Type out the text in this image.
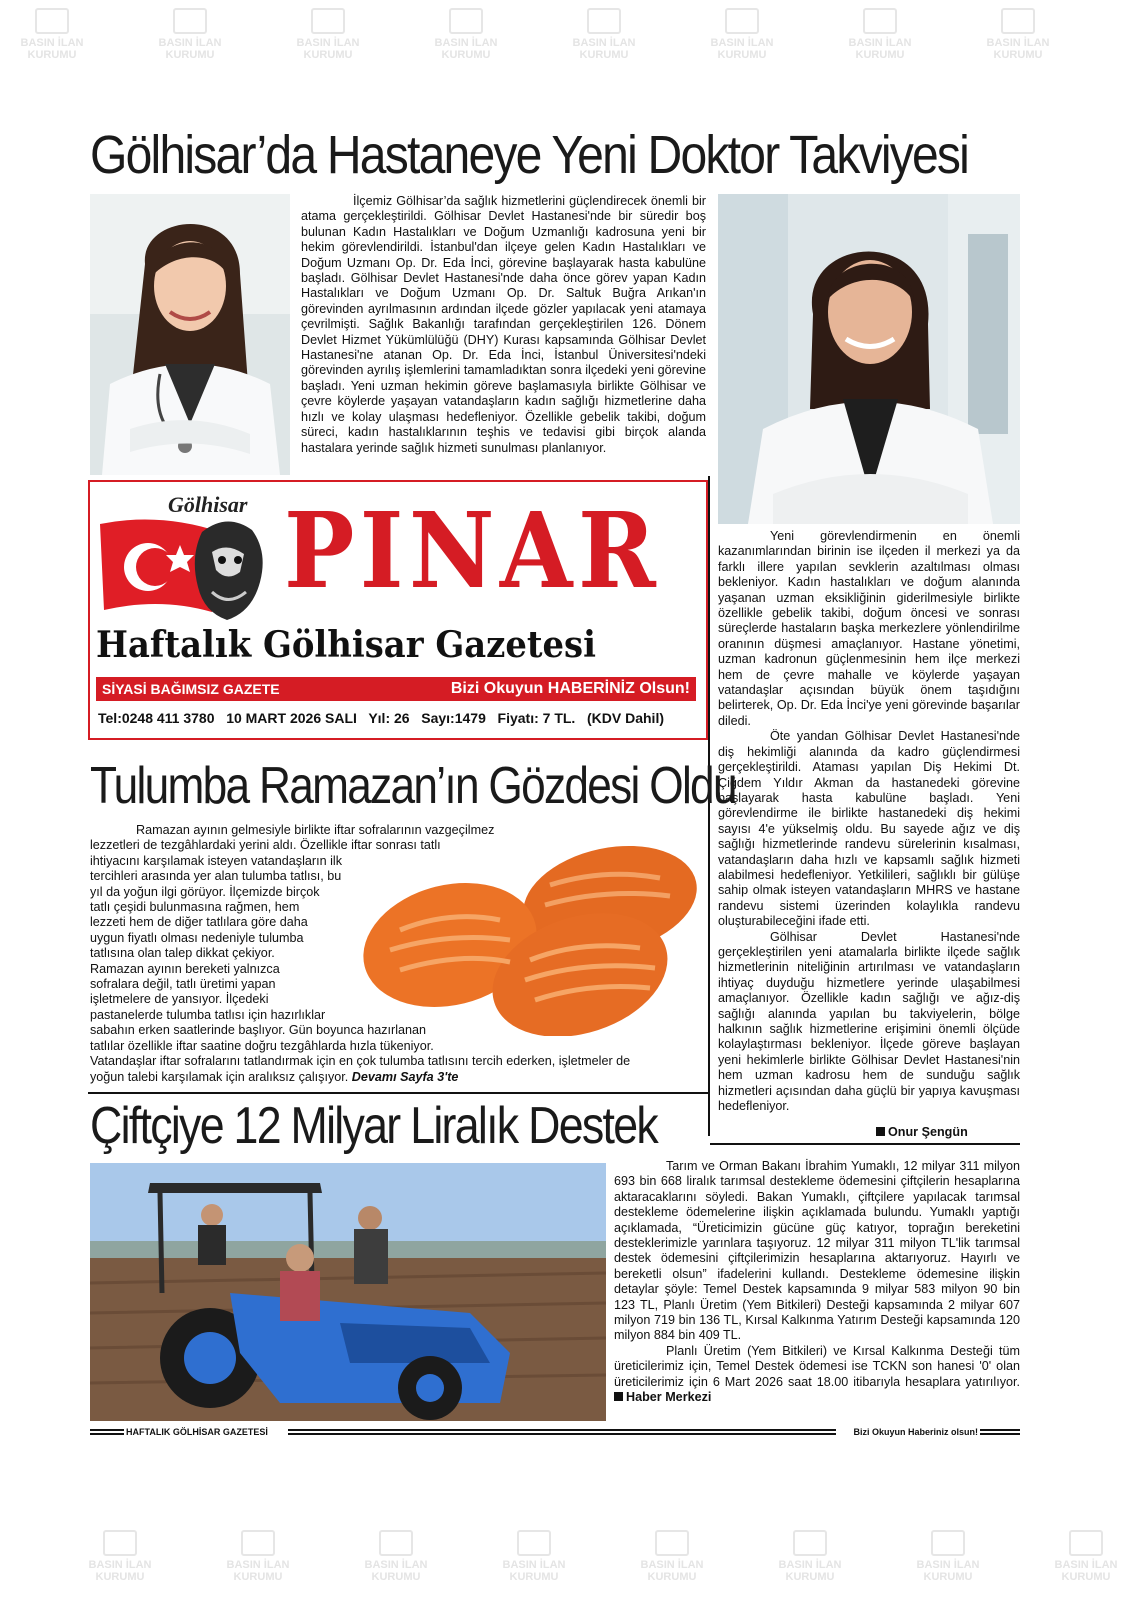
BASIN İLAN
KURUMU
BASIN İLAN
KURUMU
BASIN İLAN
KURUMU
BASIN İLAN
KURUMU
BASIN İLAN
KURUMU
BASIN İLAN
KURUMU
BASIN İLAN
KURUMU
BASIN İLAN
KURUMU
BASIN İLAN
KURUMU
BASIN İLAN
KURUMU
BASIN İLAN
KURUMU
BASIN İLAN
KURUMU
BASIN İLAN
KURUMU
BASIN İLAN
KURUMU
BASIN İLAN
KURUMU
BASIN İLAN
KURUMU
Gölhisar’da Hastaneye Yeni Doktor Takviyesi

İlçemiz Gölhisar’da sağlık hizmetlerini güçlendirecek önemli bir atama gerçekleştirildi. Gölhisar Devlet Hastanesi'nde bir süredir boş bulunan Kadın Hastalıkları ve Doğum Uzmanlığı kadrosuna yeni bir hekim görevlendirildi. İstanbul'dan ilçeye gelen Kadın Hastalıkları ve Doğum Uzmanı Op. Dr. Eda İnci, görevine başlayarak hasta kabulüne başladı. Gölhisar Devlet Hastanesi'nde daha önce görev yapan Kadın Hastalıkları ve Doğum Uzmanı Op. Dr. Saltuk Buğra Arıkan'ın görevinden ayrılmasının ardından ilçede gözler yapılacak yeni atamaya çevrilmişti. Sağlık Bakanlığı tarafından gerçekleştirilen 126. Dönem Devlet Hizmet Yükümlülüğü (DHY) Kurası kapsamında Gölhisar Devlet Hastanesi'ne atanan Op. Dr. Eda İnci, İstanbul Üniversitesi'ndeki görevinden ayrılış işlemlerini tamamladıktan sonra ilçedeki yeni görevine başladı. Yeni uzman hekimin göreve başlamasıyla birlikte Gölhisar ve çevre köylerde yaşayan vatandaşların kadın sağlığı hizmetlerine daha hızlı ve kolay ulaşması hedefleniyor. Özellikle gebelik takibi, doğum süreci, kadın hastalıklarının teşhis ve tedavisi gibi birçok alanda hastalara yerinde sağlık hizmeti sunulması planlanıyor.

Yeni görevlendirmenin en önemli kazanımlarından birinin ise ilçeden il merkezi ya da farklı illere yapılan sevklerin azaltılması olması bekleniyor. Kadın hastalıkları ve doğum alanında yaşanan uzman eksikliğinin giderilmesiyle birlikte özellikle gebelik takibi, doğum öncesi ve sonrası süreçlerde hastaların başka merkezlere yönlendirilme oranının düşmesi amaçlanıyor. Hastane yönetimi, uzman kadronun güçlenmesinin hem ilçe merkezi hem de çevre mahalle ve köylerde yaşayan vatandaşlar açısından büyük önem taşıdığını belirterek, Op. Dr. Eda İnci'ye yeni görevinde başarılar diledi.

Öte yandan Gölhisar Devlet Hastanesi'nde diş hekimliği alanında da kadro güçlendirmesi gerçekleştirildi. Ataması yapılan Diş Hekimi Dt. Çiğdem Yıldır Akman da hastanedeki görevine başlayarak hasta kabulüne başladı. Yeni görevlendirme ile birlikte hastanedeki diş hekimi sayısı 4'e yükselmiş oldu. Bu sayede ağız ve diş sağlığı hizmetlerinde randevu sürelerinin kısalması, vatandaşların daha hızlı ve kapsamlı sağlık hizmeti alabilmesi hedefleniyor. Yetkilileri, sağlıklı bir gülüşe sahip olmak isteyen vatandaşların MHRS ve hastane randevu sistemi üzerinden kolaylıkla randevu oluşturabileceğini ifade etti.

Gölhisar Devlet Hastanesi'nde gerçekleştirilen yeni atamalarla birlikte ilçede sağlık hizmetlerinin niteliğinin artırılması ve vatandaşların ihtiyaç duyduğu hizmetlere yerinde ulaşabilmesi amaçlanıyor. Özellikle kadın sağlığı ve ağız-diş sağlığı alanında yapılan bu takviyelerin, bölge halkının sağlık hizmetlerine erişimini önemli ölçüde kolaylaştırması bekleniyor. İlçede göreve başlayan yeni hekimlerle birlikte Gölhisar Devlet Hastanesi'nin hem uzman kadrosu hem de sunduğu sağlık hizmetleri açısından daha güçlü bir yapıya kavuşması hedefleniyor.

Onur Şengün
Gölhisar PINAR
Haftalık Gölhisar Gazetesi
SİYASİ BAĞIMSIZ GAZETE	Bizi Okuyun HABERİNİZ Olsun!
Tel:0248 411 3780 10 MART 2026 SALI Yıl: 26 Sayı:1479 Fiyatı: 7 TL. (KDV Dahil)
Tulumba Ramazan’ın Gözdesi Oldu
Ramazan ayının gelmesiyle birlikte iftar sofralarının vazgeçilmez
lezzetleri de tezgâhlardaki yerini aldı. Özellikle iftar sonrası tatlı
ihtiyacını karşılamak isteyen vatandaşların ilk
tercihleri arasında yer alan tulumba tatlısı, bu
yıl da yoğun ilgi görüyor. İlçemizde birçok
tatlı çeşidi bulunmasına rağmen, hem
lezzeti hem de diğer tatlılara göre daha
uygun fiyatlı olması nedeniyle tulumba
tatlısına olan talep dikkat çekiyor.
Ramazan ayının bereketi yalnızca
sofralara değil, tatlı üretimi yapan
işletmelere de yansıyor. İlçedeki
pastanelerde tulumba tatlısı için hazırlıklar
sabahın erken saatlerinde başlıyor. Gün boyunca hazırlanan
tatlılar özellikle iftar saatine doğru tezgâhlarda hızla tükeniyor.
Vatandaşlar iftar sofralarını tatlandırmak için en çok tulumba tatlısını tercih ederken, işletmeler de
yoğun talebi karşılamak için aralıksız çalışıyor. Devamı Sayfa 3'te
Çiftçiye 12 Milyar Liralık Destek

Tarım ve Orman Bakanı İbrahim Yumaklı, 12 milyar 311 milyon 693 bin 668 liralık tarımsal destekleme ödemesini çiftçilerin hesaplarına aktaracaklarını söyledi. Bakan Yumaklı, çiftçilere yapılacak tarımsal destekleme ödemelerine ilişkin açıklamada bulundu. Yumaklı yaptığı açıklamada, “Üreticimizin gücüne güç katıyor, toprağın bereketini desteklerimizle yarınlara taşıyoruz. 12 milyar 311 milyon TL'lik tarımsal destek ödemesini çiftçilerimizin hesaplarına aktarıyoruz. Hayırlı ve bereketli olsun” ifadelerini kullandı. Destekleme ödemesine ilişkin detaylar şöyle: Temel Destek kapsamında 9 milyar 583 milyon 90 bin 123 TL, Planlı Üretim (Yem Bitkileri) Desteği kapsamında 2 milyar 607 milyon 719 bin 136 TL, Kırsal Kalkınma Yatırım Desteği kapsamında 120 milyon 884 bin 409 TL.

Planlı Üretim (Yem Bitkileri) ve Kırsal Kalkınma Desteği tüm üreticilerimiz için, Temel Destek ödemesi ise TCKN son hanesi '0' olan üreticilerimiz için 6 Mart 2026 saat 18.00 itibarıyla hesaplara yatırılıyor. Haber Merkezi

HAFTALIK GÖLHİSAR GAZETESİ	Bizi Okuyun Haberiniz olsun!
